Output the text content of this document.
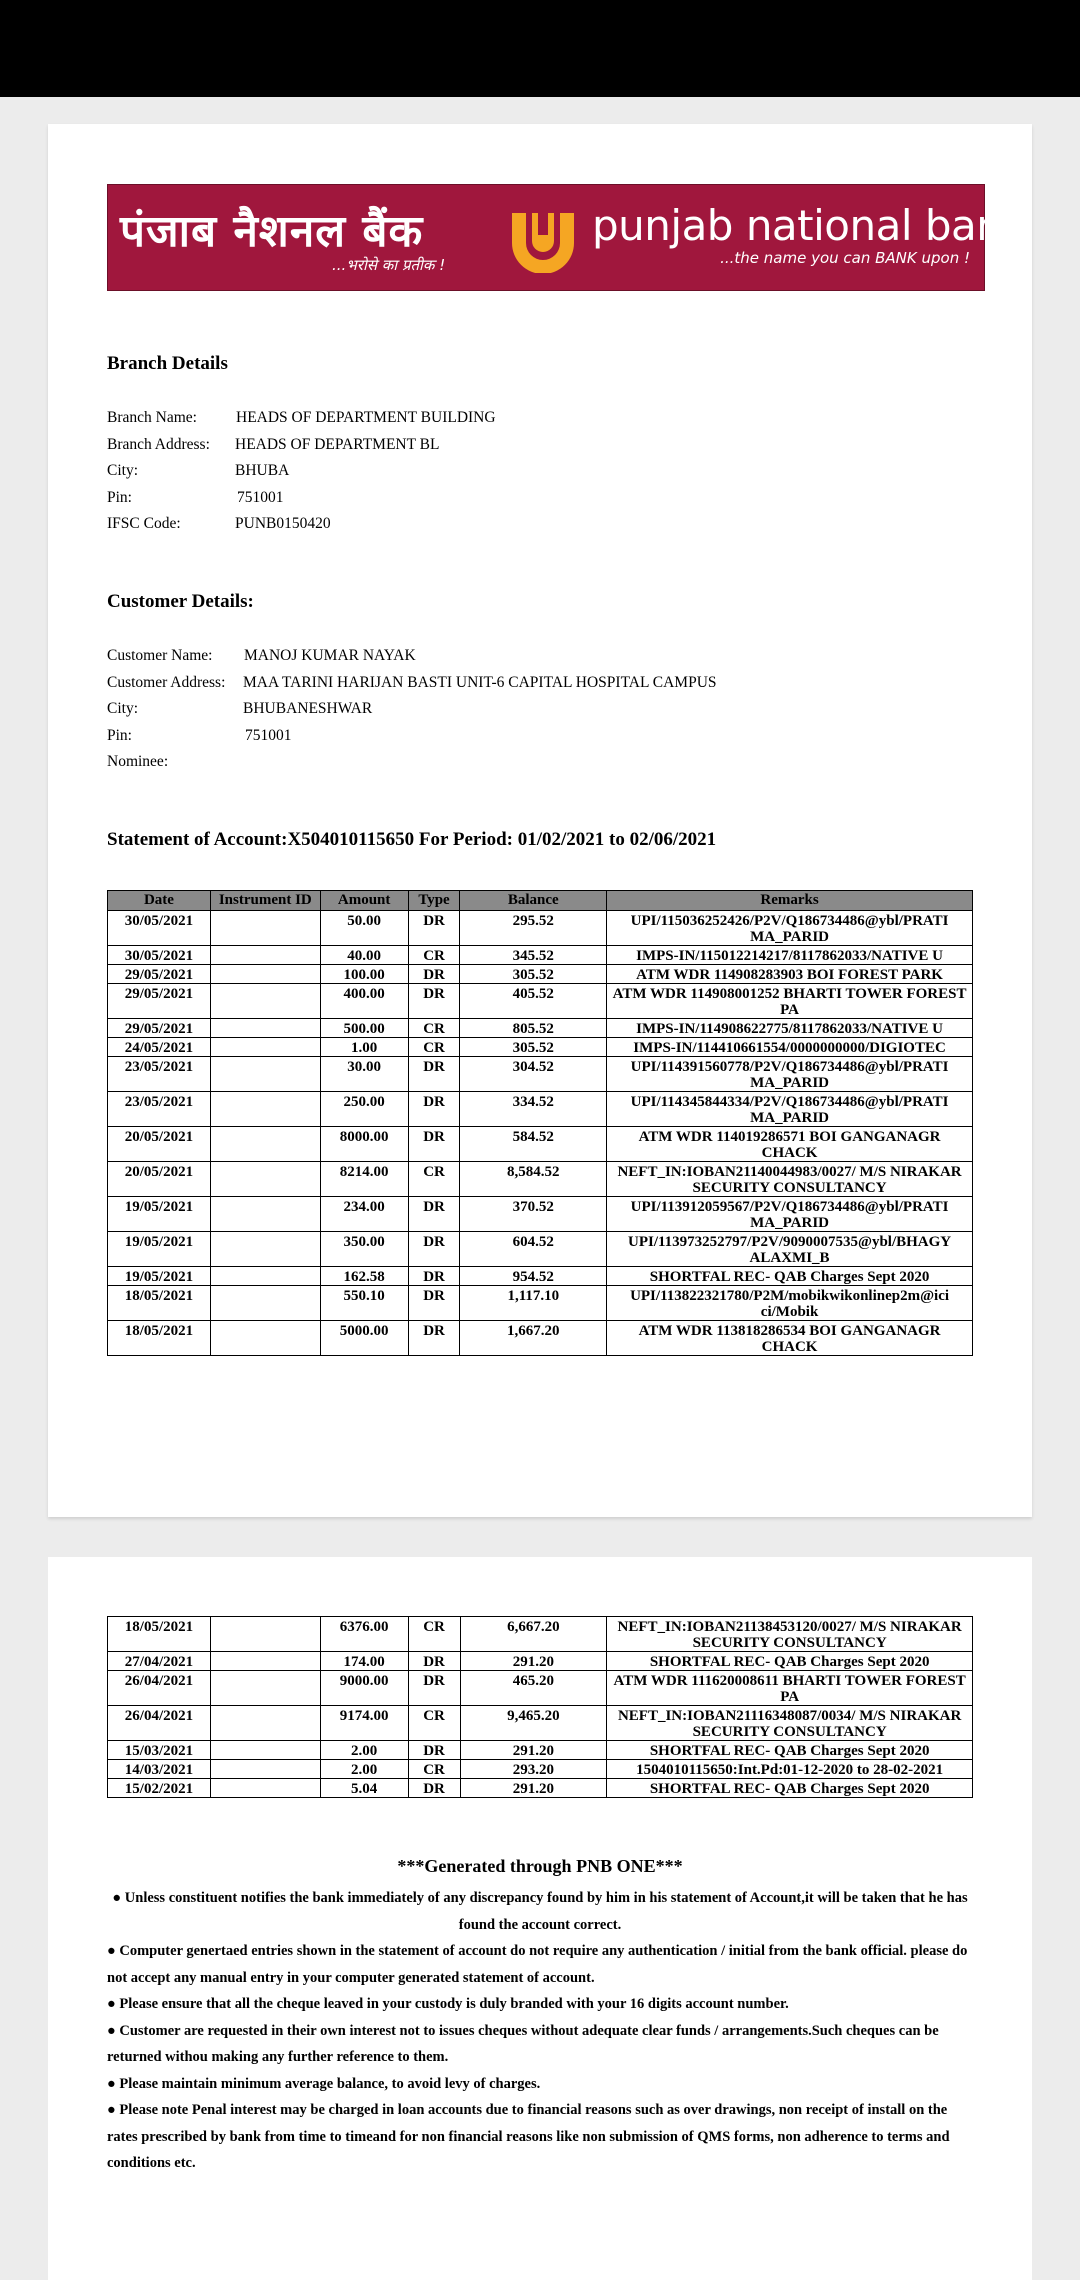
पंजाब नैशनल बैंक
...भरोसे का प्रतीक !
punjab national bank
...the name you can BANK upon !
Branch Details
Branch Name:	HEADS OF DEPARTMENT BUILDING
Branch Address: HEADS OF DEPARTMENT BL
City:	BHUBA
Pin:	751001
IFSC Code:	PUNB0150420
Customer Details:
Customer Name: MANOJ KUMAR NAYAK
Customer Address: MAA TARINI HARIJAN BASTI UNIT-6 CAPITAL HOSPITAL CAMPUS
City:	BHUBANESHWAR
Pin:	751001
Nominee:
Statement of Account:X504010115650 For Period: 01/02/2021 to 02/06/2021
Date	Instrument ID	Amount	Type	Balance	Remarks
30/05/2021		50.00	DR	295.52	UPI/115036252426/P2V/Q186734486@ybl/PRATI MA_PARID
30/05/2021		40.00	CR	345.52	IMPS-IN/115012214217/8117862033/NATIVE U
29/05/2021		100.00	DR	305.52	ATM WDR 114908283903 BOI FOREST PARK
29/05/2021		400.00	DR	405.52	ATM WDR 114908001252 BHARTI TOWER FOREST PA
29/05/2021		500.00	CR	805.52	IMPS-IN/114908622775/8117862033/NATIVE U
24/05/2021		1.00	CR	305.52	IMPS-IN/114410661554/0000000000/DIGIOTEC
23/05/2021		30.00	DR	304.52	UPI/114391560778/P2V/Q186734486@ybl/PRATI MA_PARID
23/05/2021		250.00	DR	334.52	UPI/114345844334/P2V/Q186734486@ybl/PRATI MA_PARID
20/05/2021		8000.00	DR	584.52	ATM WDR 114019286571 BOI GANGANAGR CHACK
20/05/2021		8214.00	CR	8,584.52	NEFT_IN:IOBAN21140044983/0027/ M/S NIRAKAR SECURITY CONSULTANCY
19/05/2021		234.00	DR	370.52	UPI/113912059567/P2V/Q186734486@ybl/PRATI MA_PARID
19/05/2021		350.00	DR	604.52	UPI/113973252797/P2V/9090007535@ybl/BHAGY ALAXMI_B
19/05/2021		162.58	DR	954.52	SHORTFAL REC- QAB Charges Sept 2020
18/05/2021		550.10	DR	1,117.10	UPI/113822321780/P2M/mobikwikonlinep2m@ici ci/Mobik
18/05/2021		5000.00	DR	1,667.20	ATM WDR 113818286534 BOI GANGANAGR CHACK
18/05/2021		6376.00	CR	6,667.20	NEFT_IN:IOBAN21138453120/0027/ M/S NIRAKAR SECURITY CONSULTANCY
27/04/2021		174.00	DR	291.20	SHORTFAL REC- QAB Charges Sept 2020
26/04/2021		9000.00	DR	465.20	ATM WDR 111620008611 BHARTI TOWER FOREST PA
26/04/2021		9174.00	CR	9,465.20	NEFT_IN:IOBAN21116348087/0034/ M/S NIRAKAR SECURITY CONSULTANCY
15/03/2021		2.00	DR	291.20	SHORTFAL REC- QAB Charges Sept 2020
14/03/2021		2.00	CR	293.20	1504010115650:Int.Pd:01-12-2020 to 28-02-2021
15/02/2021		5.04	DR	291.20	SHORTFAL REC- QAB Charges Sept 2020
***Generated through PNB ONE***

● Unless constituent notifies the bank immediately of any discrepancy found by him in his statement of Account,it will be taken that he has found the account correct.

● Computer genertaed entries shown in the statement of account do not require any authentication / initial from the bank official. please do not accept any manual entry in your computer generated statement of account.

● Please ensure that all the cheque leaved in your custody is duly branded with your 16 digits account number.

● Customer are requested in their own interest not to issues cheques without adequate clear funds / arrangements.Such cheques can be returned withou making any further reference to them.

● Please maintain minimum average balance, to avoid levy of charges.

● Please note Penal interest may be charged in loan accounts due to financial reasons such as over drawings, non receipt of install on the rates prescribed by bank from time to timeand for non financial reasons like non submission of QMS forms, non adherence to terms and conditions etc.
